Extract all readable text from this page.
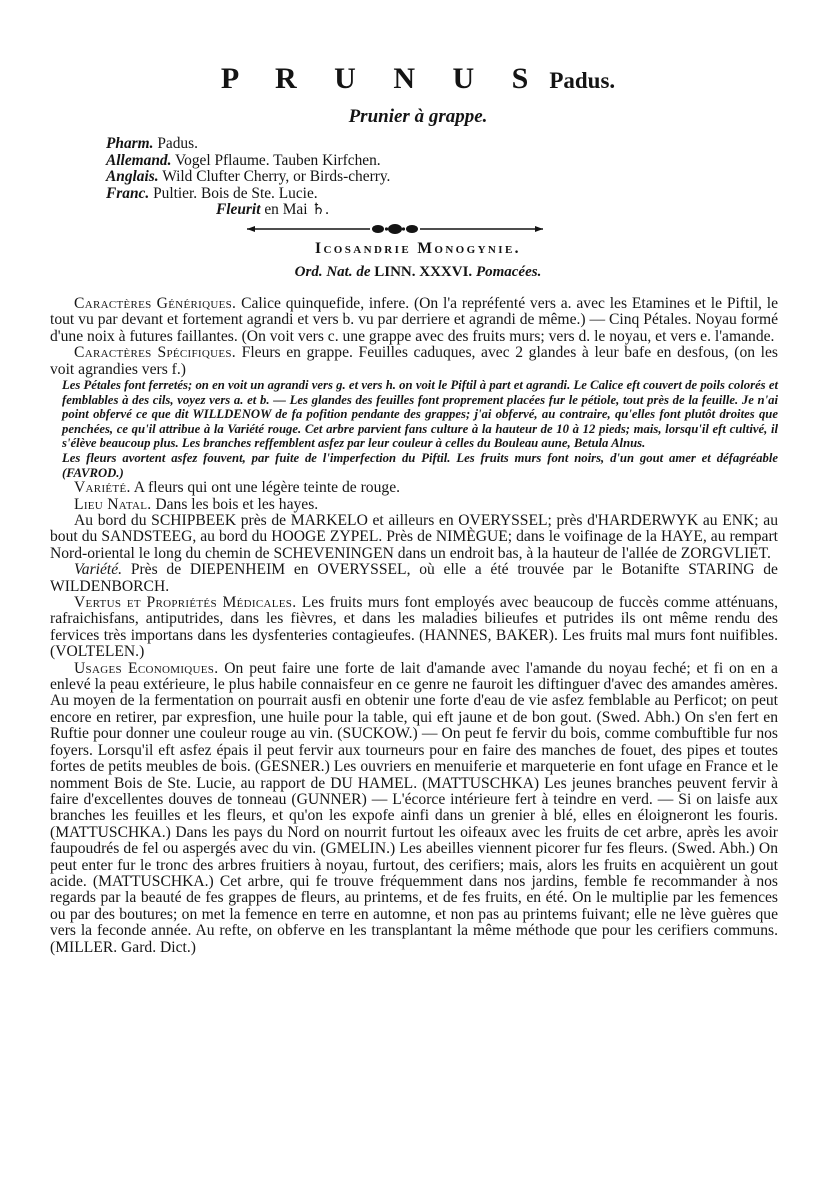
P R U N U S Padus.
Prunier à grappe.
Pharm. Padus.
Allemand. Vogel Pflaume. Tauben Kirfchen.
Anglais. Wild Clufter Cherry, or Birds-cherry.
Franc. Pultier. Bois de Ste. Lucie.
Fleurit en Mai ♄.
Icosandrie Monogynie.
Ord. Nat. de LINN. XXXVI. Pomacées.

Caractères Génériques. Calice quinquefide, infere. (On l'a repréfenté vers a. avec les Etamines et le Piftil, le tout vu par devant et fortement agrandi et vers b. vu par derriere et agrandi de même.) — Cinq Pétales. Noyau formé d'une noix à futures faillantes. (On voit vers c. une grappe avec des fruits murs; vers d. le noyau, et vers e. l'amande.

Caractères Spécifiques. Fleurs en grappe. Feuilles caduques, avec 2 glandes à leur bafe en desfous, (on les voit agrandies vers f.)

Les Pétales font ferretés; on en voit un agrandi vers g. et vers h. on voit le Piftil à part et agrandi. Le Calice eft couvert de poils colorés et femblables à des cils, voyez vers a. et b. — Les glandes des feuilles font proprement placées fur le pétiole, tout près de la feuille. Je n'ai point obfervé ce que dit WILLDENOW de fa pofition pendante des grappes; j'ai obfervé, au contraire, qu'elles font plutôt droites que penchées, ce qu'il attribue à la Variété rouge. Cet arbre parvient fans culture à la hauteur de 10 à 12 pieds; mais, lorsqu'il eft cultivé, il s'élève beaucoup plus. Les branches reffemblent asfez par leur couleur à celles du Bouleau aune, Betula Alnus.

Les fleurs avortent asfez fouvent, par fuite de l'imperfection du Piftil. Les fruits murs font noirs, d'un gout amer et défagréable (FAVROD.)

Variété. A fleurs qui ont une légère teinte de rouge.

Lieu Natal. Dans les bois et les hayes.

Au bord du SCHIPBEEK près de MARKELO et ailleurs en OVERYSSEL; près d'HARDERWYK au ENK; au bout du SANDSTEEG, au bord du HOOGE ZYPEL. Près de NIMÈGUE; dans le voifinage de la HAYE, au rempart Nord-oriental le long du chemin de SCHEVENINGEN dans un endroit bas, à la hauteur de l'allée de ZORGVLIET.

Variété. Près de DIEPENHEIM en OVERYSSEL, où elle a été trouvée par le Botanifte STARING de WILDENBORCH.

Vertus et Propriétés Médicales. Les fruits murs font employés avec beaucoup de fuccès comme atténuans, rafraichisfans, antiputrides, dans les fièvres, et dans les maladies bilieufes et putrides ils ont même rendu des fervices très importans dans les dysfenteries contagieufes. (HANNES, BAKER). Les fruits mal murs font nuifibles. (VOLTELEN.)

Usages Economiques. On peut faire une forte de lait d'amande avec l'amande du noyau feché; et fi on en a enlevé la peau extérieure, le plus habile connaisfeur en ce genre ne fauroit les diftinguer d'avec des amandes amères. Au moyen de la fermentation on pourrait ausfi en obtenir une forte d'eau de vie asfez femblable au Perficot; on peut encore en retirer, par expresfion, une huile pour la table, qui eft jaune et de bon gout. (Swed. Abh.) On s'en fert en Ruftie pour donner une couleur rouge au vin. (SUCKOW.) — On peut fe fervir du bois, comme combuftible fur nos foyers. Lorsqu'il eft asfez épais il peut fervir aux tourneurs pour en faire des manches de fouet, des pipes et toutes fortes de petits meubles de bois. (GESNER.) Les ouvriers en menuiferie et marqueterie en font ufage en France et le nomment Bois de Ste. Lucie, au rapport de DU HAMEL. (MATTUSCHKA) Les jeunes branches peuvent fervir à faire d'excellentes douves de tonneau (GUNNER) — L'écorce intérieure fert à teindre en verd. — Si on laisfe aux branches les feuilles et les fleurs, et qu'on les expofe ainfi dans un grenier à blé, elles en éloigneront les fouris. (MATTUSCHKA.) Dans les pays du Nord on nourrit furtout les oifeaux avec les fruits de cet arbre, après les avoir faupoudrés de fel ou aspergés avec du vin. (GMELIN.) Les abeilles viennent picorer fur fes fleurs. (Swed. Abh.) On peut enter fur le tronc des arbres fruitiers à noyau, furtout, des cerifiers; mais, alors les fruits en acquièrent un gout acide. (MATTUSCHKA.) Cet arbre, qui fe trouve fréquemment dans nos jardins, femble fe recommander à nos regards par la beauté de fes grappes de fleurs, au printems, et de fes fruits, en été. On le multiplie par les femences ou par des boutures; on met la femence en terre en automne, et non pas au printems fuivant; elle ne lève guères que vers la feconde année. Au refte, on obferve en les transplantant la même méthode que pour les cerifiers communs. (MILLER. Gard. Dict.)
